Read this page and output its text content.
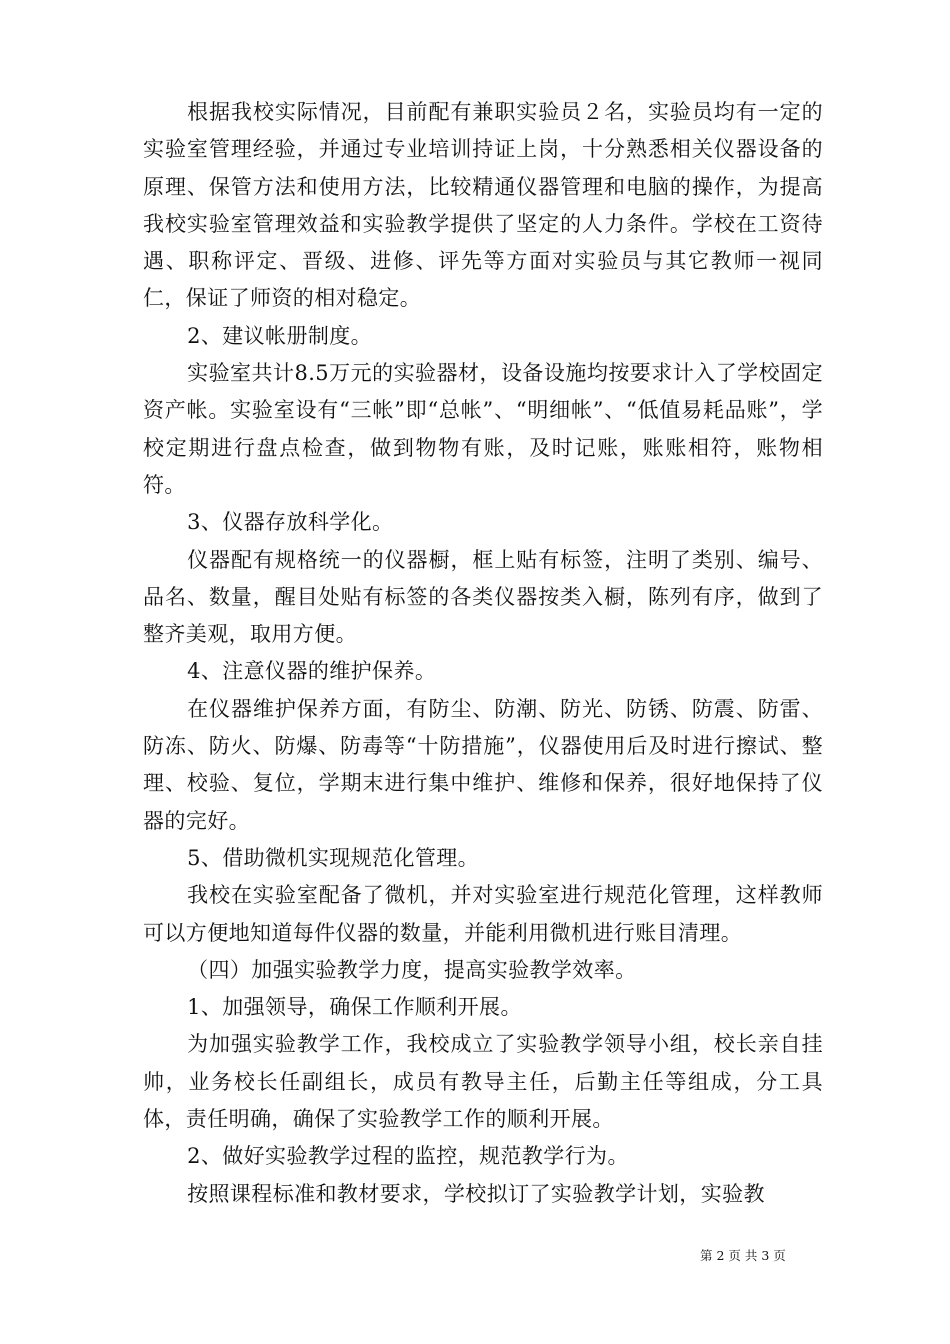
根据我校实际情况，目前配有兼职实验员２名，实验员均有一定的实验室管理经验，并通过专业培训持证上岗，十分熟悉相关仪器设备的原理、保管方法和使用方法，比较精通仪器管理和电脑的操作，为提高我校实验室管理效益和实验教学提供了坚定的人力条件。学校在工资待遇、职称评定、晋级、进修、评先等方面对实验员与其它教师一视同仁，保证了师资的相对稳定。

2、建议帐册制度。

实验室共计8.5万元的实验器材，设备设施均按要求计入了学校固定资产帐。实验室设有“三帐”即“总帐”、“明细帐”、“低值易耗品账”，学校定期进行盘点检查，做到物物有账，及时记账，账账相符，账物相符。

3、仪器存放科学化。

仪器配有规格统一的仪器橱，框上贴有标签，注明了类别、编号、品名、数量，醒目处贴有标签的各类仪器按类入橱，陈列有序，做到了整齐美观，取用方便。

4、注意仪器的维护保养。

在仪器维护保养方面，有防尘、防潮、防光、防锈、防震、防雷、防冻、防火、防爆、防毒等“十防措施”，仪器使用后及时进行擦试、整理、校验、复位，学期末进行集中维护、维修和保养，很好地保持了仪器的完好。

5、借助微机实现规范化管理。

我校在实验室配备了微机，并对实验室进行规范化管理，这样教师可以方便地知道每件仪器的数量，并能利用微机进行账目清理。

（四）加强实验教学力度，提高实验教学效率。

1、加强领导，确保工作顺利开展。

为加强实验教学工作，我校成立了实验教学领导小组，校长亲自挂帅，业务校长任副组长，成员有教导主任，后勤主任等组成，分工具体，责任明确，确保了实验教学工作的顺利开展。

2、做好实验教学过程的监控，规范教学行为。

按照课程标准和教材要求，学校拟订了实验教学计划，实验教

第 2 页 共 3 页
